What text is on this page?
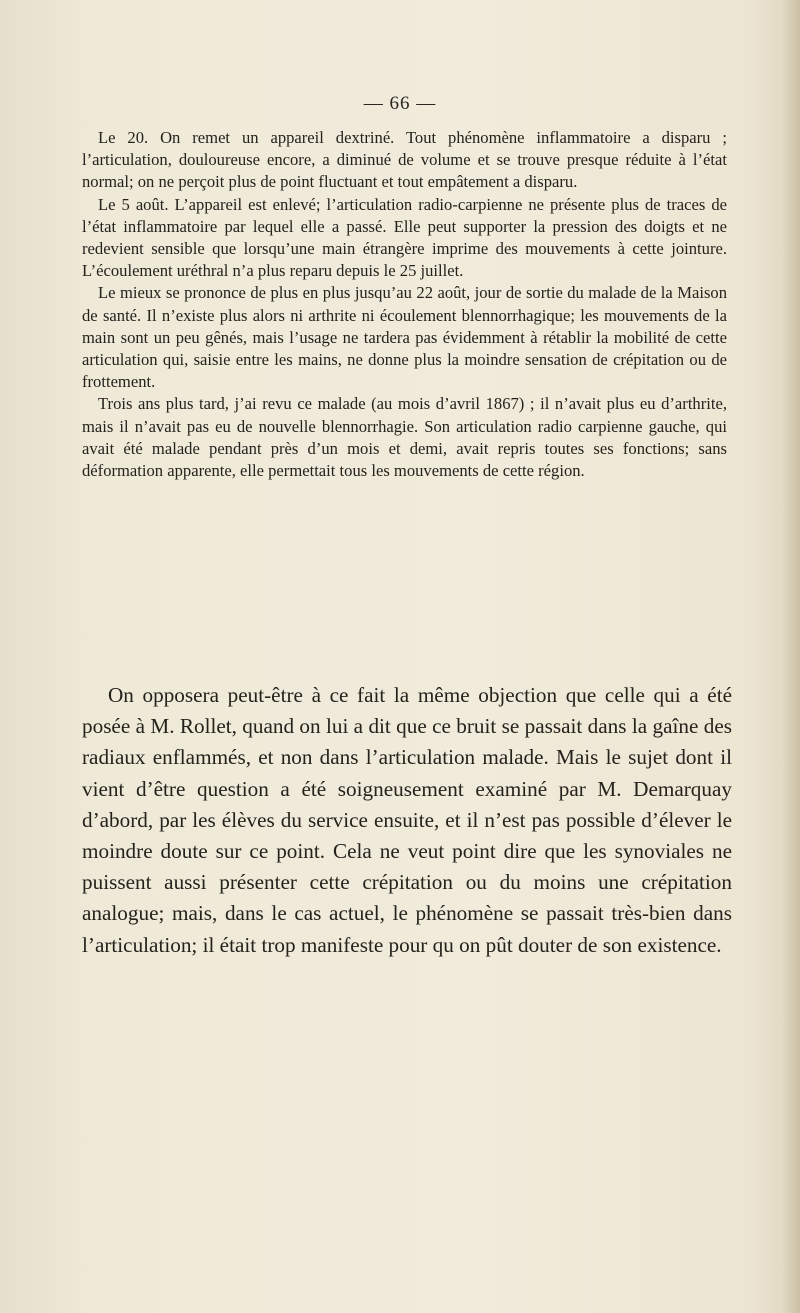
— 66 —

Le 20. On remet un appareil dextriné. Tout phénomène inflammatoire a disparu ; l’articulation, douloureuse encore, a diminué de volume et se trouve presque réduite à l’état normal; on ne perçoit plus de point fluctuant et tout empâtement a disparu.

Le 5 août. L’appareil est enlevé; l’articulation radio-carpienne ne présente plus de traces de l’état inflammatoire par lequel elle a passé. Elle peut supporter la pression des doigts et ne redevient sensible que lorsqu’une main étrangère imprime des mouvements à cette jointure. L’écoulement uréthral n’a plus reparu depuis le 25 juillet.

Le mieux se prononce de plus en plus jusqu’au 22 août, jour de sortie du malade de la Maison de santé. Il n’existe plus alors ni arthrite ni écoulement blennorrhagique; les mouvements de la main sont un peu gênés, mais l’usage ne tardera pas évidemment à rétablir la mobilité de cette articulation qui, saisie entre les mains, ne donne plus la moindre sensation de crépitation ou de frottement.

Trois ans plus tard, j’ai revu ce malade (au mois d’avril 1867) ; il n’avait plus eu d’arthrite, mais il n’avait pas eu de nouvelle blennorrhagie. Son articulation radio carpienne gauche, qui avait été malade pendant près d’un mois et demi, avait repris toutes ses fonctions; sans déformation apparente, elle permettait tous les mouvements de cette région.

On opposera peut-être à ce fait la même objection que celle qui a été posée à M. Rollet, quand on lui a dit que ce bruit se passait dans la gaîne des radiaux enflammés, et non dans l’articulation malade. Mais le sujet dont il vient d’être question a été soigneusement examiné par M. Demarquay d’abord, par les élèves du service ensuite, et il n’est pas possible d’élever le moindre doute sur ce point. Cela ne veut point dire que les synoviales ne puissent aussi présenter cette crépitation ou du moins une crépitation analogue; mais, dans le cas actuel, le phénomène se passait très-bien dans l’articulation; il était trop manifeste pour qu on pût douter de son existence.
